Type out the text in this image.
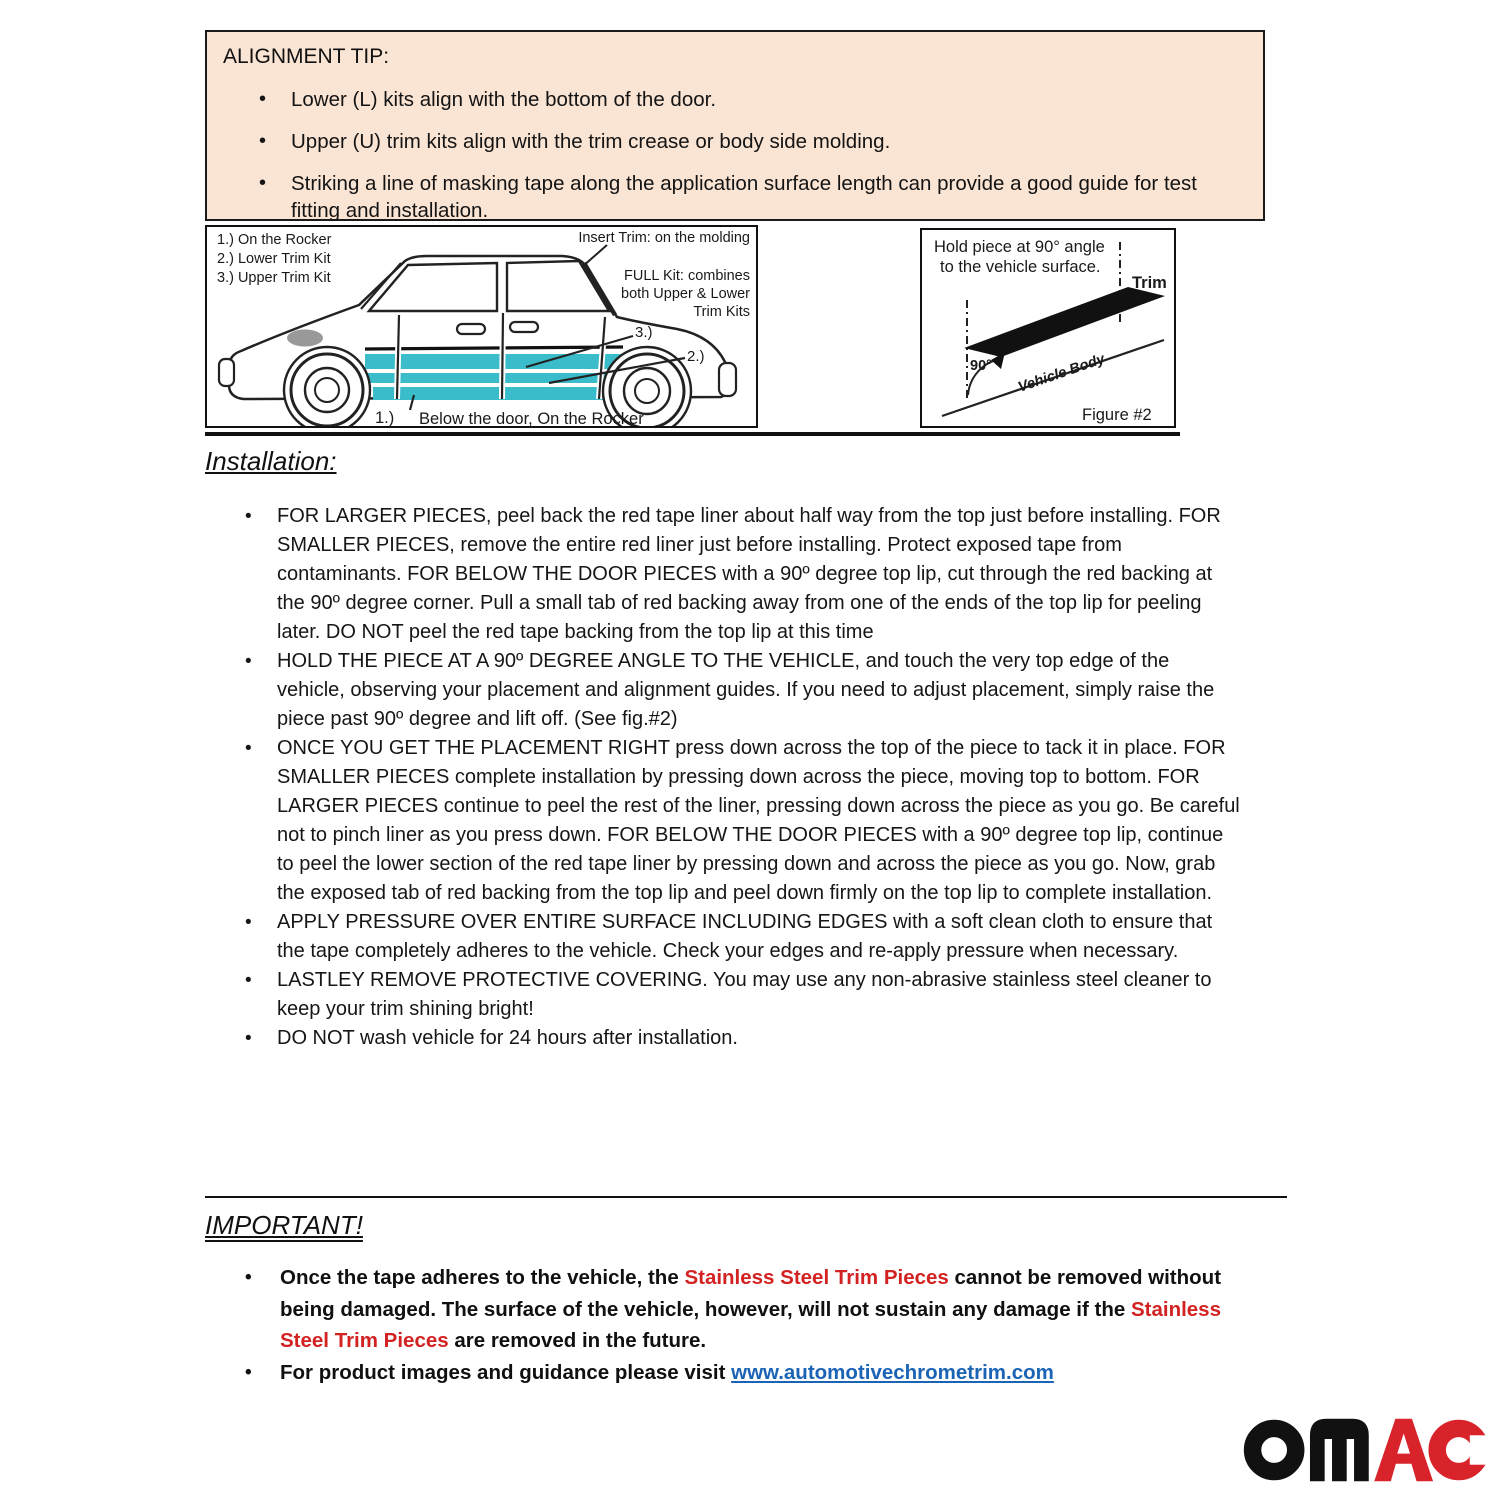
ALIGNMENT TIP:
• Lower (L) kits align with the bottom of the door.
• Upper (U) trim kits align with the trim crease or body side molding.
• Striking a line of masking tape along the application surface length can provide a good guide for test fitting and installation.
1.) On the Rocker
2.) Lower Trim Kit
3.) Upper Trim Kit
Insert Trim: on the molding
FULL Kit: combines
both Upper & Lower
Trim Kits
3.)
2.)
1.) Below the door, On the Rocker
Hold piece at 90° angle
to the vehicle surface.
Trim
90° Vehicle Body
Figure #2
Installation:
• FOR LARGER PIECES, peel back the red tape liner about half way from the top just before installing. FOR SMALLER PIECES, remove the entire red liner just before installing. Protect exposed tape from contaminants. FOR BELOW THE DOOR PIECES with a 90º degree top lip, cut through the red backing at the 90º degree corner. Pull a small tab of red backing away from one of the ends of the top lip for peeling later. DO NOT peel the red tape backing from the top lip at this time
• HOLD THE PIECE AT A 90º DEGREE ANGLE TO THE VEHICLE, and touch the very top edge of the vehicle, observing your placement and alignment guides. If you need to adjust placement, simply raise the piece past 90º degree and lift off. (See fig.#2)
• ONCE YOU GET THE PLACEMENT RIGHT press down across the top of the piece to tack it in place. FOR SMALLER PIECES complete installation by pressing down across the piece, moving top to bottom. FOR LARGER PIECES continue to peel the rest of the liner, pressing down across the piece as you go. Be careful not to pinch liner as you press down. FOR BELOW THE DOOR PIECES with a 90º degree top lip, continue to peel the lower section of the red tape liner by pressing down and across the piece as you go. Now, grab the exposed tab of red backing from the top lip and peel down firmly on the top lip to complete installation.
• APPLY PRESSURE OVER ENTIRE SURFACE INCLUDING EDGES with a soft clean cloth to ensure that the tape completely adheres to the vehicle. Check your edges and re-apply pressure when necessary.
• LASTLEY REMOVE PROTECTIVE COVERING. You may use any non-abrasive stainless steel cleaner to keep your trim shining bright!
• DO NOT wash vehicle for 24 hours after installation.
IMPORTANT!
• Once the tape adheres to the vehicle, the Stainless Steel Trim Pieces cannot be removed without being damaged. The surface of the vehicle, however, will not sustain any damage if the Stainless Steel Trim Pieces are removed in the future.
• For product images and guidance please visit www.automotivechrometrim.com
